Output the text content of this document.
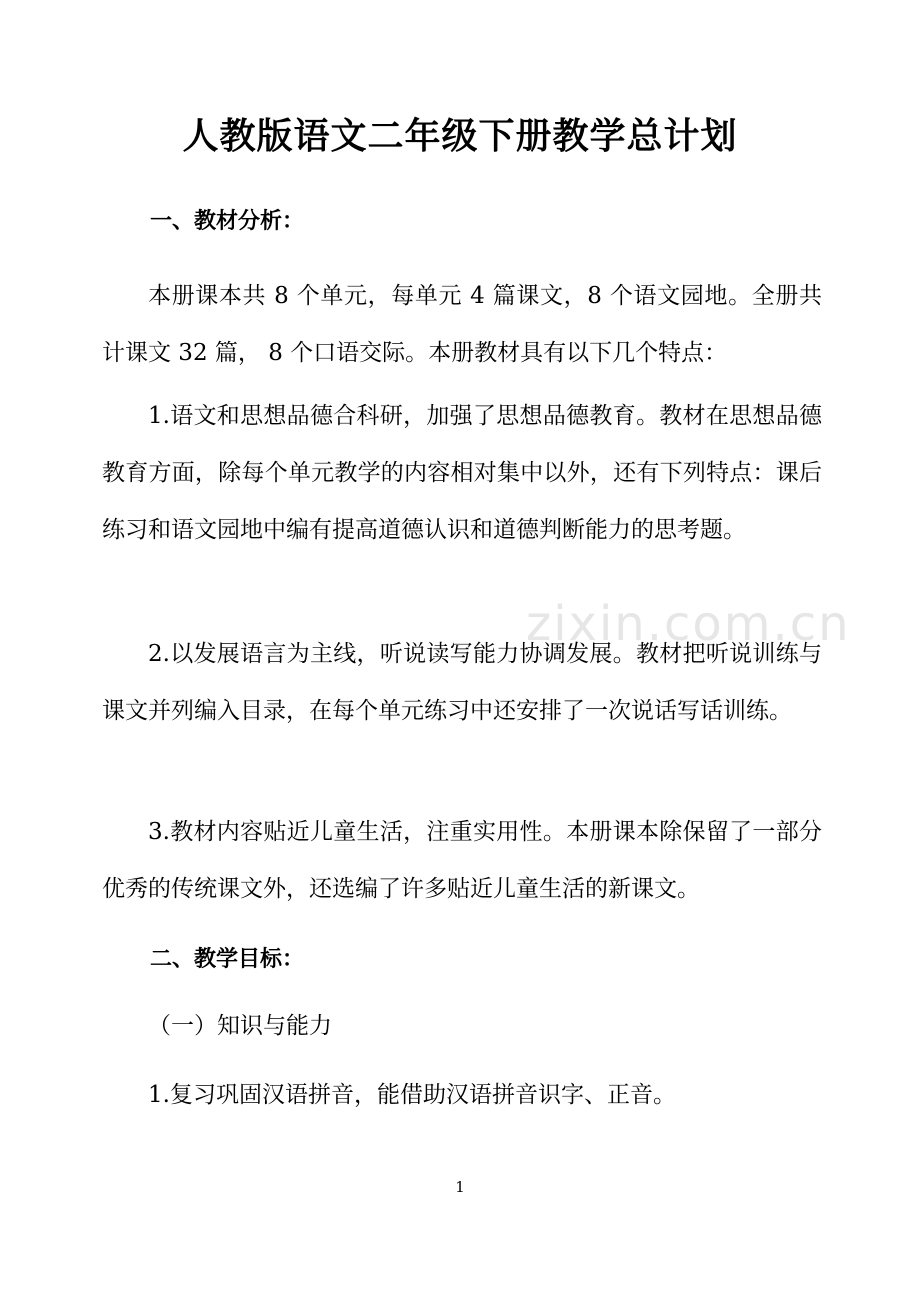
zixin.com.cn
人教版语文二年级下册教学总计划
一、教材分析：
本册课本共 8 个单元，每单元 4 篇课文，8 个语文园地。全册共计课文 32 篇， 8 个口语交际。本册教材具有以下几个特点：
1.语文和思想品德合科研，加强了思想品德教育。教材在思想品德教育方面，除每个单元教学的内容相对集中以外，还有下列特点：课后练习和语文园地中编有提高道德认识和道德判断能力的思考题。
2.以发展语言为主线，听说读写能力协调发展。教材把听说训练与课文并列编入目录，在每个单元练习中还安排了一次说话写话训练。
3.教材内容贴近儿童生活，注重实用性。本册课本除保留了一部分优秀的传统课文外，还选编了许多贴近儿童生活的新课文。
二、教学目标：
（一）知识与能力
1.复习巩固汉语拼音，能借助汉语拼音识字、正音。
1
